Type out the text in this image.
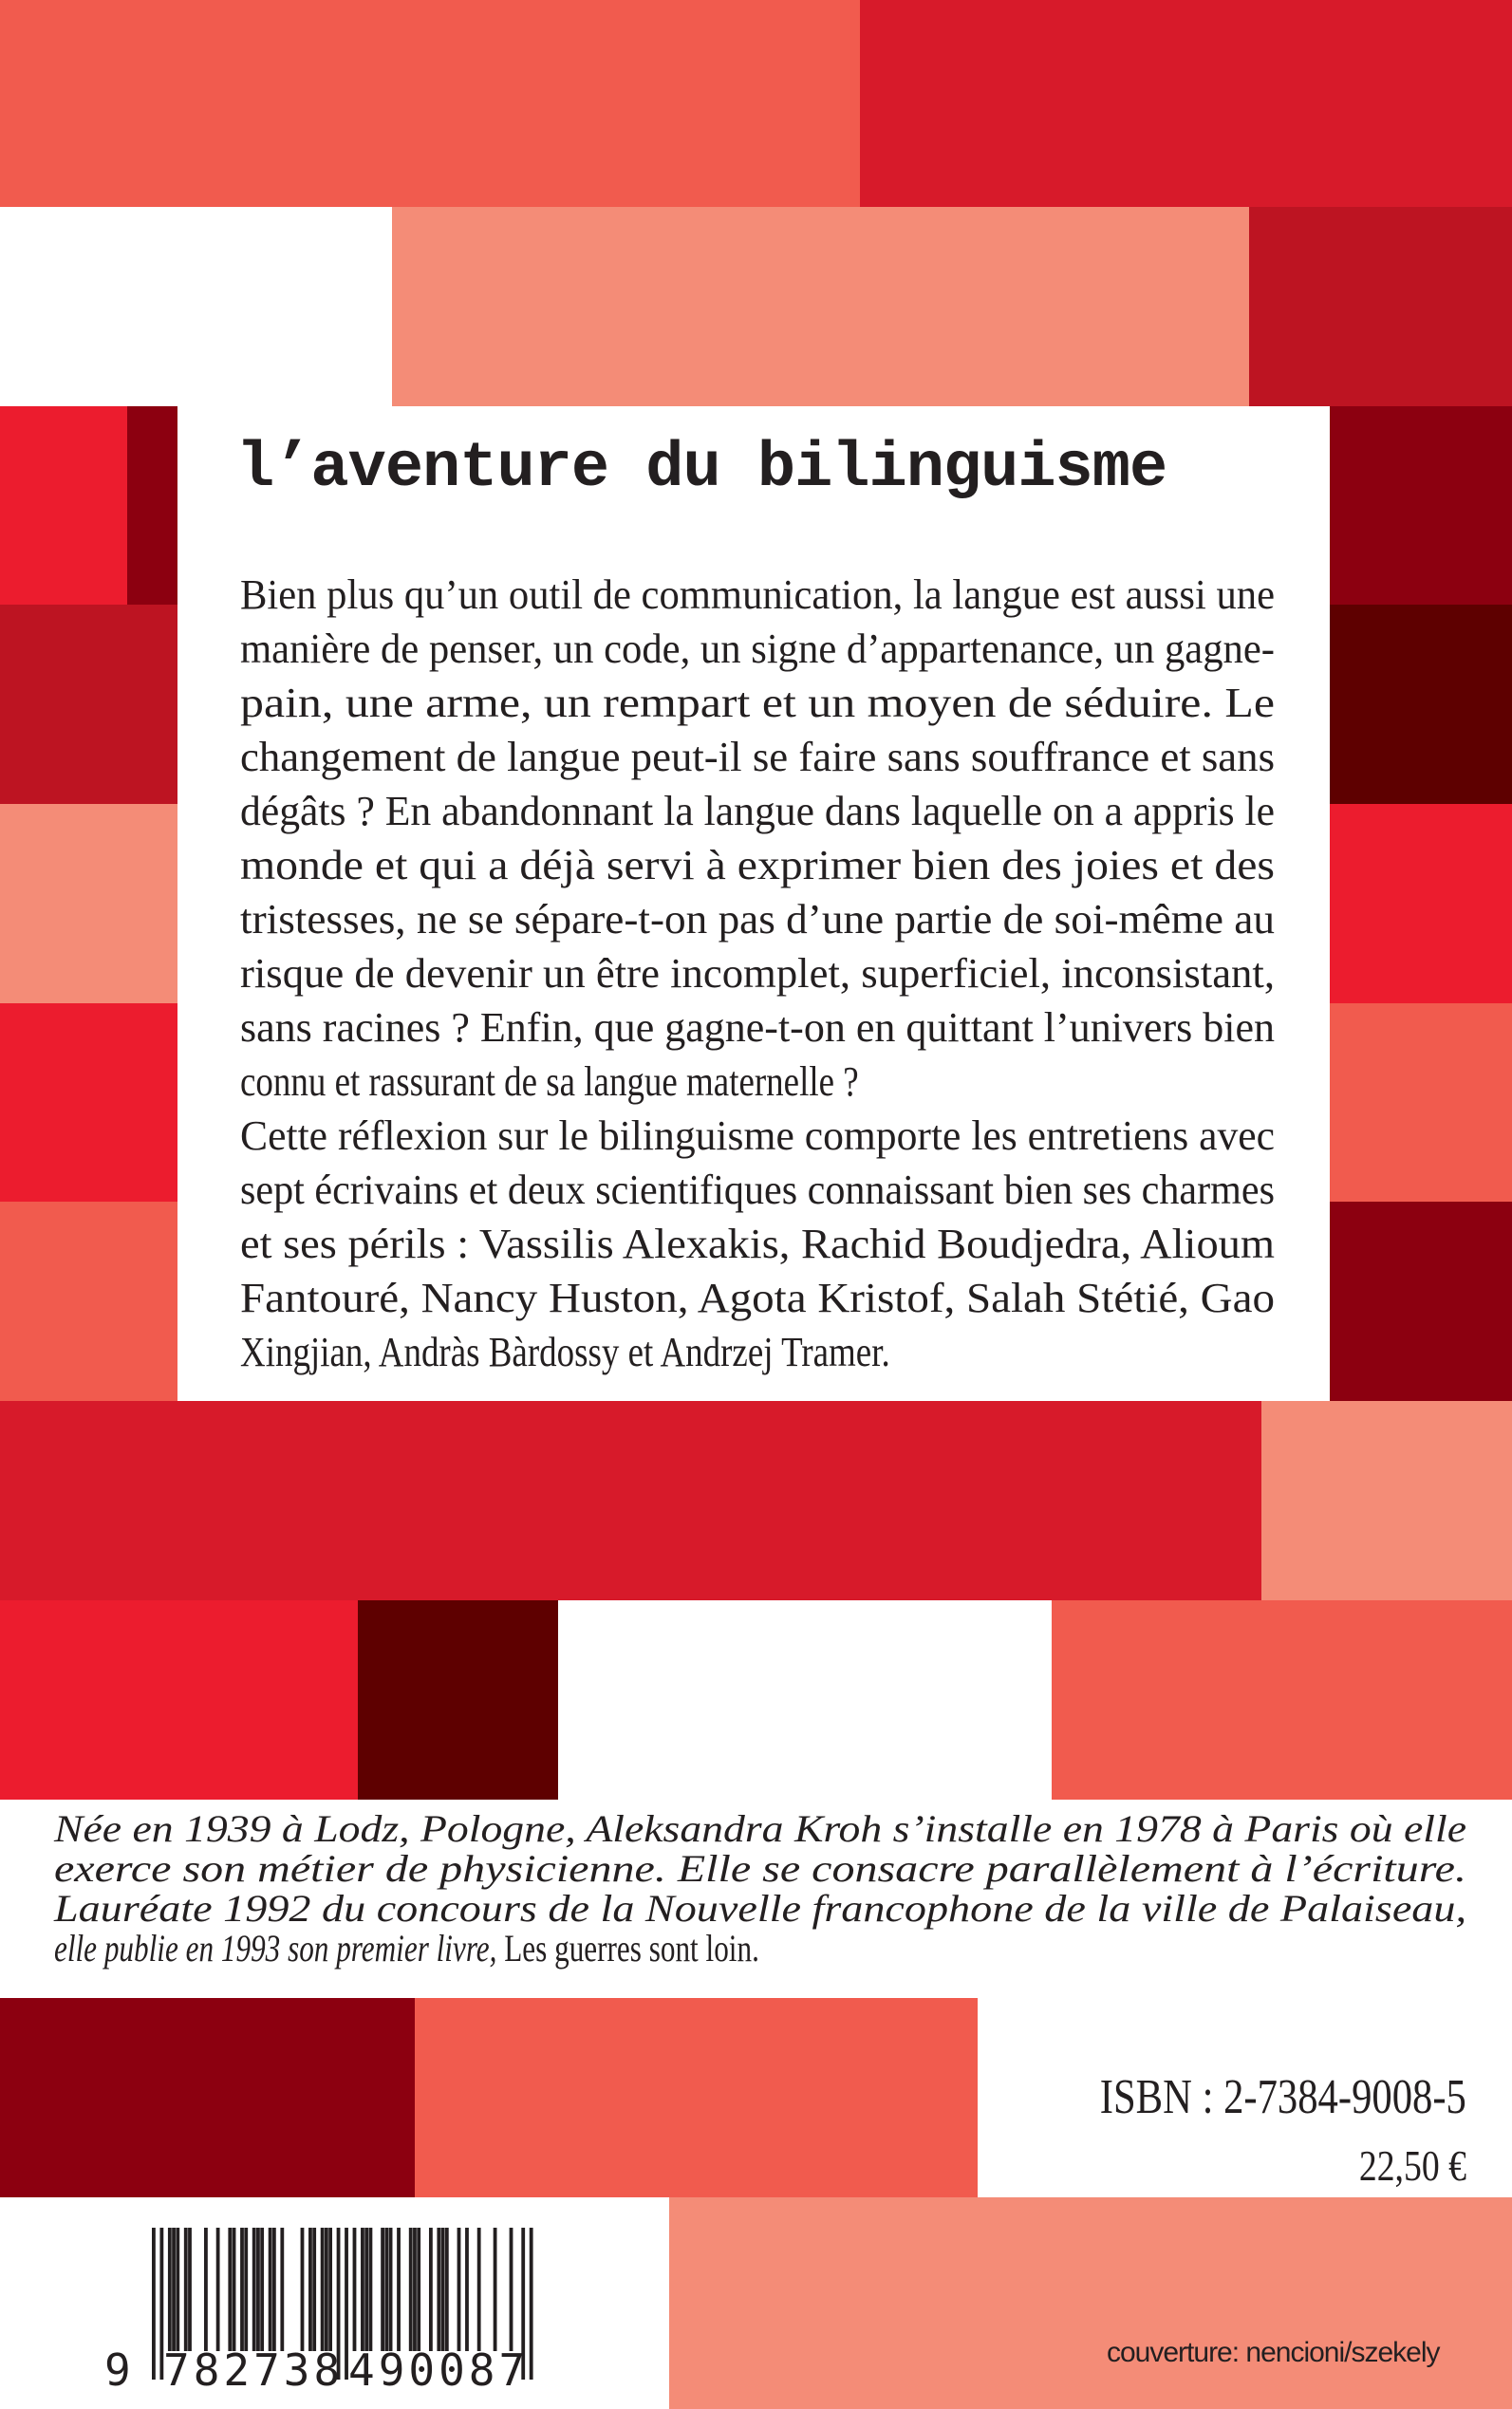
l’aventure du bilinguisme
Bien plus qu’un outil de communication, la langue est aussi une
manière de penser, un code, un signe d’appartenance, un gagne-
pain, une arme, un rempart et un moyen de séduire. Le
changement de langue peut-il se faire sans souffrance et sans
dégâts ? En abandonnant la langue dans laquelle on a appris le
monde et qui a déjà servi à exprimer bien des joies et des
tristesses, ne se sépare-t-on pas d’une partie de soi-même au
risque de devenir un être incomplet, superficiel, inconsistant,
sans racines ? Enfin, que gagne-t-on en quittant l’univers bien
connu et rassurant de sa langue maternelle ?
Cette réflexion sur le bilinguisme comporte les entretiens avec
sept écrivains et deux scientifiques connaissant bien ses charmes
et ses périls : Vassilis Alexakis, Rachid Boudjedra, Alioum
Fantouré, Nancy Huston, Agota Kristof, Salah Stétié, Gao
Xingjian, Andràs Bàrdossy et Andrzej Tramer.
Née en 1939 à Lodz, Pologne, Aleksandra Kroh s’installe en 1978 à Paris où elle
exerce son métier de physicienne. Elle se consacre parallèlement à l’écriture.
Lauréate 1992 du concours de la Nouvelle francophone de la ville de Palaiseau,
elle publie en 1993 son premier livre, Les guerres sont loin.
ISBN : 2-7384-9008-5
22,50 €
9 782738 490087	couverture: nencioni/szekely
